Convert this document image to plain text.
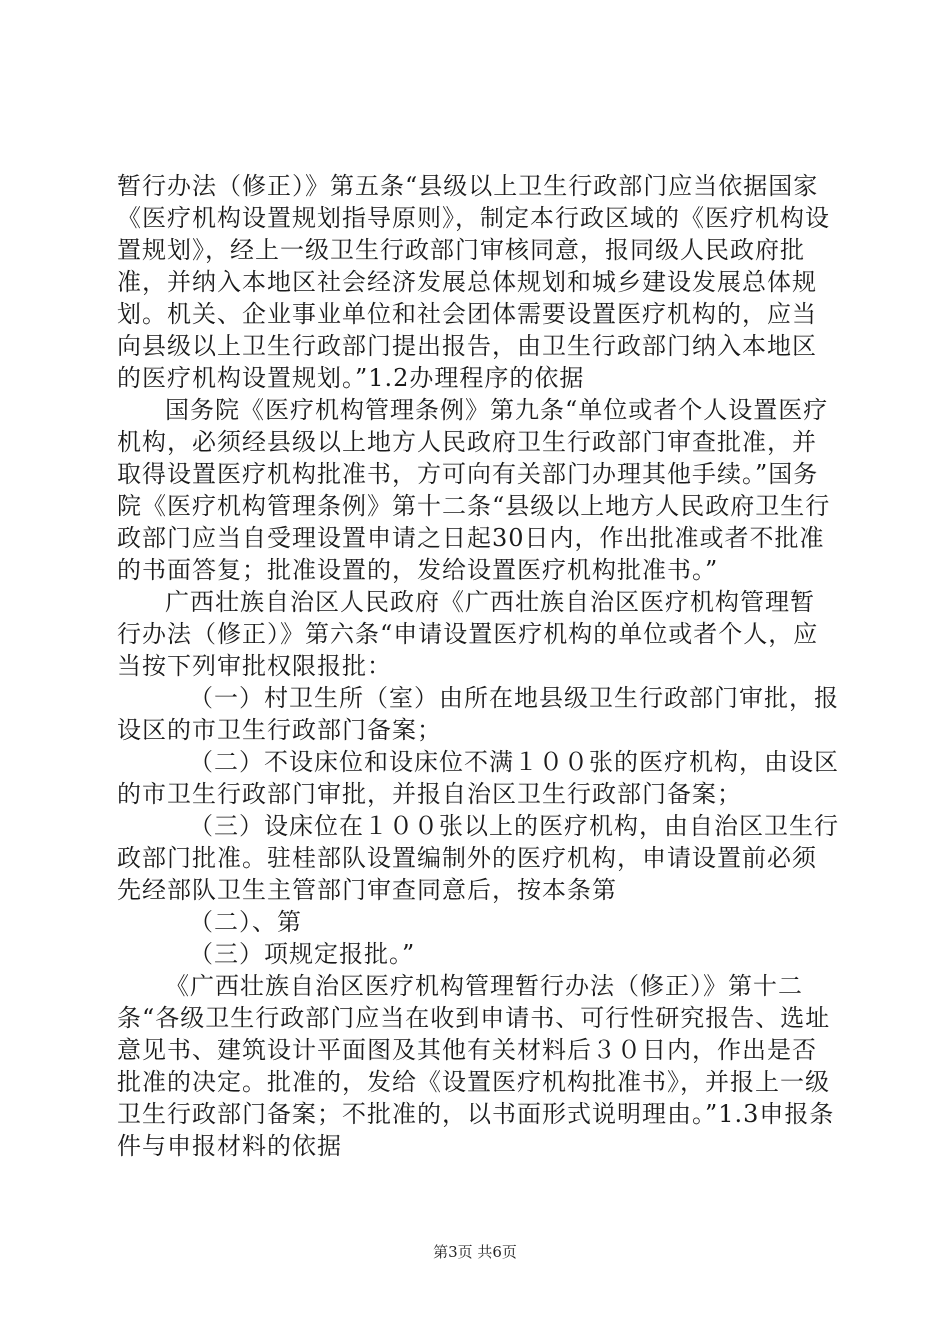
暂行办法（修正）》第五条“县级以上卫生行政部门应当依据国家《医疗机构设置规划指导原则》，制定本行政区域的《医疗机构设置规划》，经上一级卫生行政部门审核同意，报同级人民政府批准，并纳入本地区社会经济发展总体规划和城乡建设发展总体规划。机关、企业事业单位和社会团体需要设置医疗机构的，应当向县级以上卫生行政部门提出报告，由卫生行政部门纳入本地区的医疗机构设置规划。”1.2办理程序的依据

国务院《医疗机构管理条例》第九条“单位或者个人设置医疗机构，必须经县级以上地方人民政府卫生行政部门审查批准，并取得设置医疗机构批准书，方可向有关部门办理其他手续。”国务院《医疗机构管理条例》第十二条“县级以上地方人民政府卫生行政部门应当自受理设置申请之日起30日内，作出批准或者不批准的书面答复；批准设置的，发给设置医疗机构批准书。”

广西壮族自治区人民政府《广西壮族自治区医疗机构管理暂行办法（修正）》第六条“申请设置医疗机构的单位或者个人，应当按下列审批权限报批：

（一）村卫生所（室）由所在地县级卫生行政部门审批，报设区的市卫生行政部门备案；

（二）不设床位和设床位不满１００张的医疗机构，由设区的市卫生行政部门审批，并报自治区卫生行政部门备案；

（三）设床位在１００张以上的医疗机构，由自治区卫生行政部门批准。驻桂部队设置编制外的医疗机构，申请设置前必须先经部队卫生主管部门审查同意后，按本条第

（二）、第

（三）项规定报批。”

《广西壮族自治区医疗机构管理暂行办法（修正）》第十二条“各级卫生行政部门应当在收到申请书、可行性研究报告、选址意见书、建筑设计平面图及其他有关材料后３０日内，作出是否批准的决定。批准的，发给《设置医疗机构批准书》，并报上一级卫生行政部门备案；不批准的，以书面形式说明理由。”1.3申报条件与申报材料的依据

第3页 共6页
